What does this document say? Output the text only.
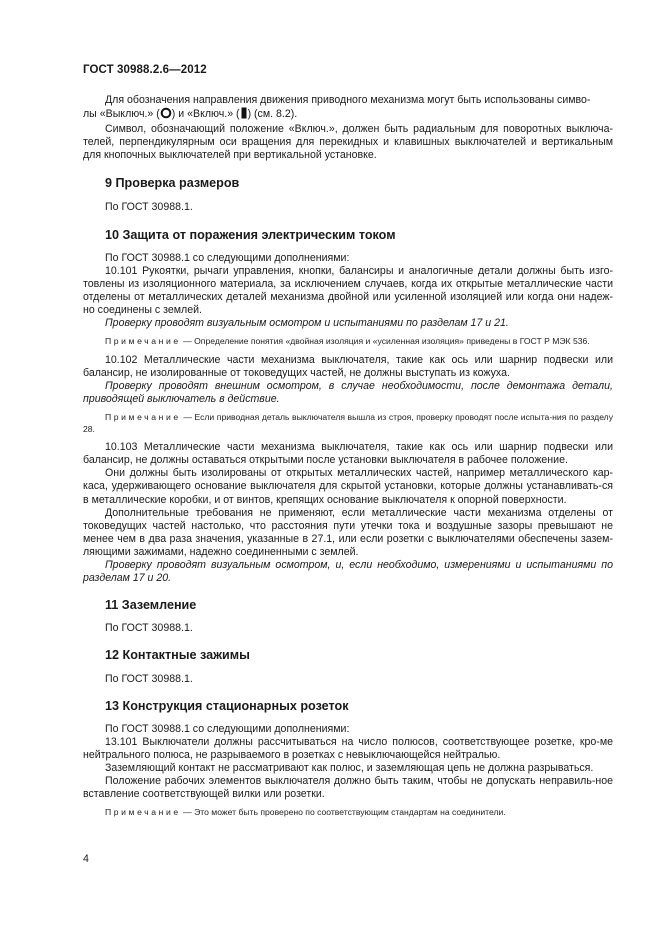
ГОСТ 30988.2.6—2012

Для обозначения направления движения приводного механизма могут быть использованы симво-

лы «Выключ.» ( ) и «Включ.» ( ) (см. 8.2).

Символ, обозначающий положение «Включ.», должен быть радиальным для поворотных выключа-телей, перпендикулярным оси вращения для перекидных и клавишных выключателей и вертикальным для кнопочных выключателей при вертикальной установке.

9 Проверка размеров

По ГОСТ 30988.1.

10 Защита от поражения электрическим током

По ГОСТ 30988.1 со следующими дополнениями:

10.101 Рукоятки, рычаги управления, кнопки, балансиры и аналогичные детали должны быть изго-товлены из изоляционного материала, за исключением случаев, когда их открытые металлические части отделены от металлических деталей механизма двойной или усиленной изоляцией или когда они надеж-но соединены с землей.

Проверку проводят визуальным осмотром и испытаниями по разделам 17 и 21.

Примечание — Определение понятия «двойная изоляция и «усиленная изоляция» приведены в ГОСТ Р МЭК 536.

10.102 Металлические части механизма выключателя, такие как ось или шарнир подвески или балансир, не изолированные от токоведущих частей, не должны выступать из кожуха.

Проверку проводят внешним осмотром, в случае необходимости, после демонтажа детали, приводящей выключатель в действие.

Примечание — Если приводная деталь выключателя вышла из строя, проверку проводят после испыта-ния по разделу 28.

10.103 Металлические части механизма выключателя, такие как ось или шарнир подвески или балансир, не должны оставаться открытыми после установки выключателя в рабочее положение.

Они должны быть изолированы от открытых металлических частей, например металлического кар-каса, удерживающего основание выключателя для скрытой установки, которые должны устанавливать-ся в металлические коробки, и от винтов, крепящих основание выключателя к опорной поверхности.

Дополнительные требования не применяют, если металлические части механизма отделены от токоведущих частей настолько, что расстояния пути утечки тока и воздушные зазоры превышают не менее чем в два раза значения, указанные в 27.1, или если розетки с выключателями обеспечены зазем-ляющими зажимами, надежно соединенными с землей.

Проверку проводят визуальным осмотром, и, если необходимо, измерениями и испытаниями по разделам 17 и 20.

11 Заземление

По ГОСТ 30988.1.

12 Контактные зажимы

По ГОСТ 30988.1.

13 Конструкция стационарных розеток

По ГОСТ 30988.1 со следующими дополнениями:

13.101 Выключатели должны рассчитываться на число полюсов, соответствующее розетке, кро-ме нейтрального полюса, не разрываемого в розетках с невыключающейся нейтралью.

Заземляющий контакт не рассматривают как полюс, и заземляющая цепь не должна разрываться.

Положение рабочих элементов выключателя должно быть таким, чтобы не допускать неправиль-ное вставление соответствующей вилки или розетки.

Примечание — Это может быть проверено по соответствующим стандартам на соединители.

4
